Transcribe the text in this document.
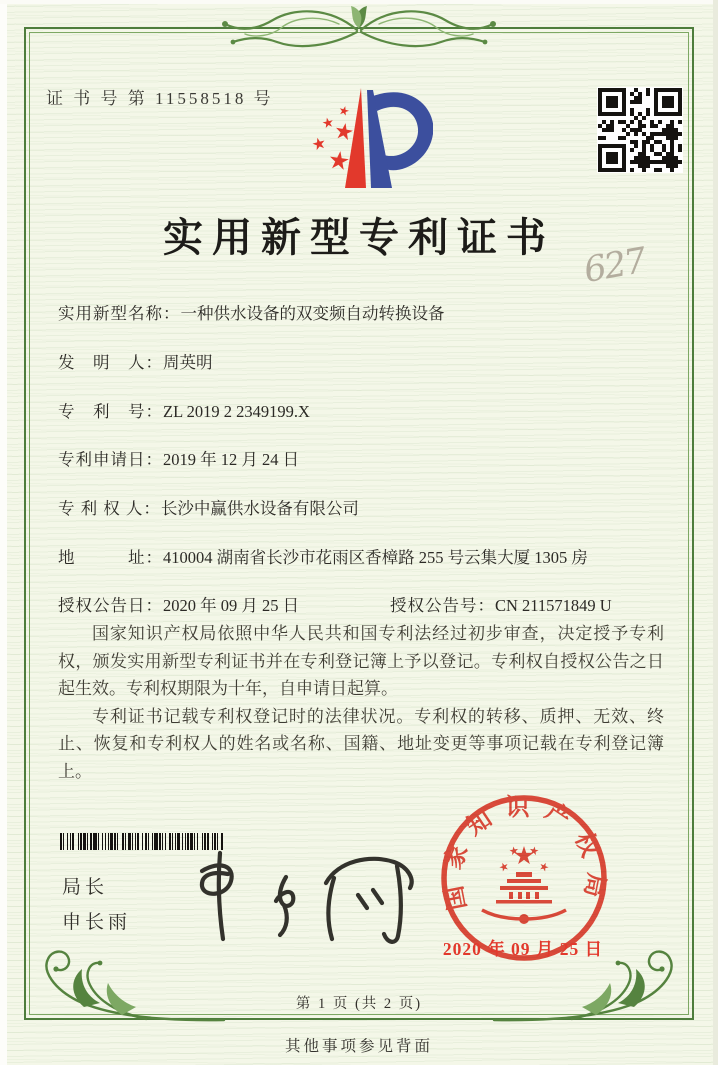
证 书 号 第 11558518 号
实用新型专利证书
627
实用新型名称：一种供水设备的双变频自动转换设备
发　明　人：周英明
专　利　号：ZL 2019 2 2349199.X
专利申请日：2019 年 12 月 24 日
专 利 权 人：长沙中赢供水设备有限公司
地　　　址：410004 湖南省长沙市花雨区香樟路 255 号云集大厦 1305 房
授权公告日：2020 年 09 月 25 日	授权公告号：CN 211571849 U

国家知识产权局依照中华人民共和国专利法经过初步审查，决定授予专利权，颁发实用新型专利证书并在专利登记簿上予以登记。专利权自授权公告之日起生效。专利权期限为十年，自申请日起算。

专利证书记载专利权登记时的法律状况。专利权的转移、质押、无效、终止、恢复和专利权人的姓名或名称、国籍、地址变更等事项记载在专利登记簿上。

局长
申长雨
国家知识产权局
2020 年 09 月 25 日
第 1 页 (共 2 页)
其他事项参见背面
